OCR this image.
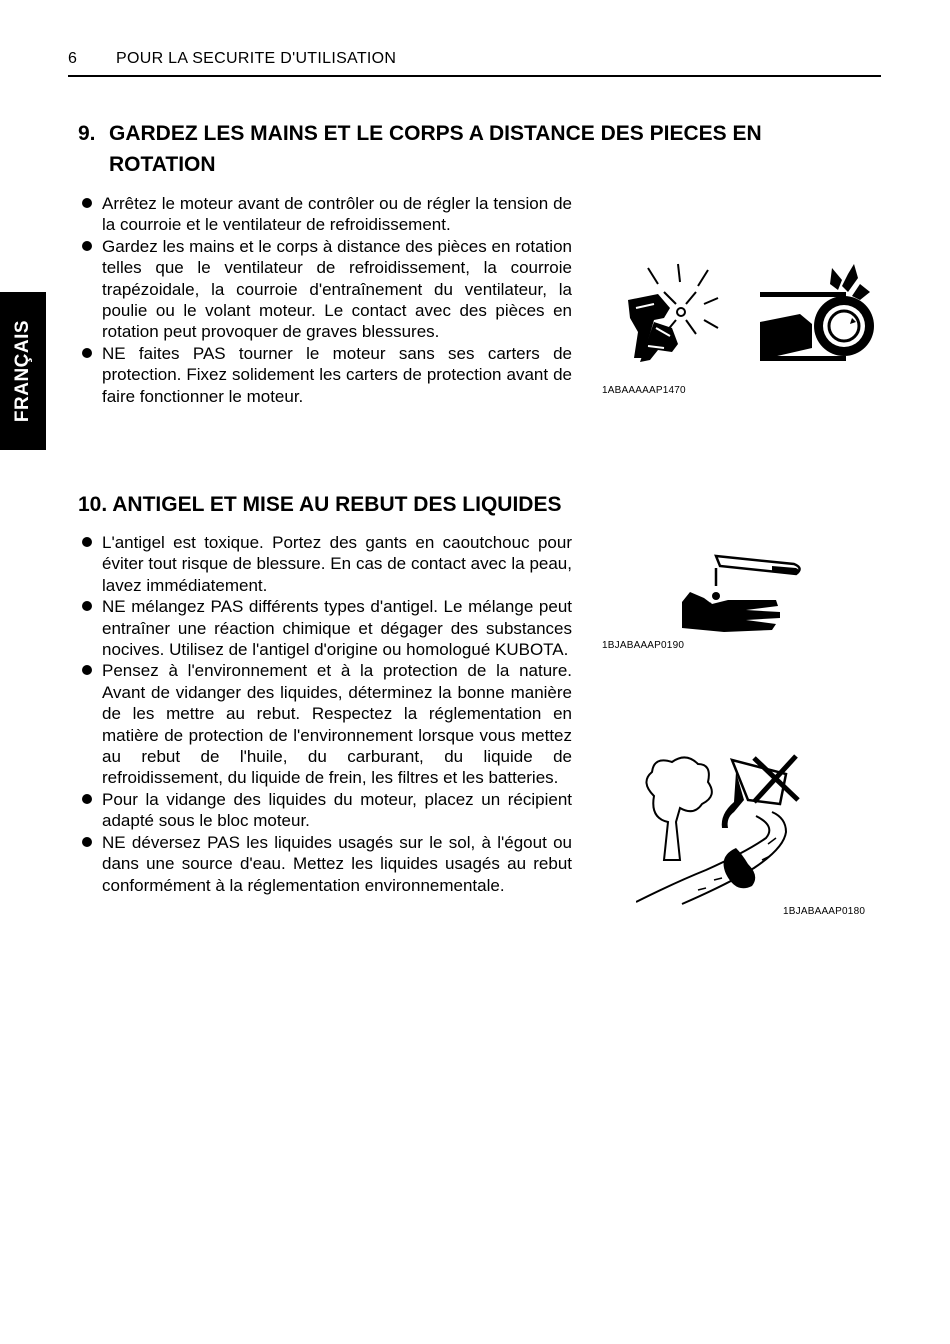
6 POUR LA SECURITE D'UTILISATION
FRANÇAIS
9. GARDEZ LES MAINS ET LE CORPS A DISTANCE DES PIECES EN
ROTATION
Arrêtez le moteur avant de contrôler ou de régler la tension de la courroie et le ventilateur de refroidissement.
Gardez les mains et le corps à distance des pièces en rotation telles que le ventilateur de refroidissement, la courroie trapézoidale, la courroie d'entraînement du ventilateur, la poulie ou le volant moteur. Le contact avec des pièces en rotation peut provoquer de graves blessures.
NE faites PAS tourner le moteur sans ses carters de protection. Fixez solidement les carters de protection avant de faire fonctionner le moteur.	1ABAAAAAP1470
10. ANTIGEL ET MISE AU REBUT DES LIQUIDES
L'antigel est toxique. Portez des gants en caoutchouc pour éviter tout risque de blessure. En cas de contact avec la peau, lavez immédiatement.
NE mélangez PAS différents types d'antigel. Le mélange peut entraîner une réaction chimique et dégager des substances nocives. Utilisez de l'antigel d'origine ou homologué KUBOTA.
Pensez à l'environnement et à la protection de la nature. Avant de vidanger des liquides, déterminez la bonne manière de les mettre au rebut. Respectez la réglementation en matière de protection de l'environnement lorsque vous mettez au rebut de l'huile, du carburant, du liquide de refroidissement, du liquide de frein, les filtres et les batteries.
Pour la vidange des liquides du moteur, placez un récipient adapté sous le bloc moteur.
NE déversez PAS les liquides usagés sur le sol, à l'égout ou dans une source d'eau. Mettez les liquides usagés au rebut conformément à la réglementation environnementale.
1BJABAAAP0190
1BJABAAAP0180
